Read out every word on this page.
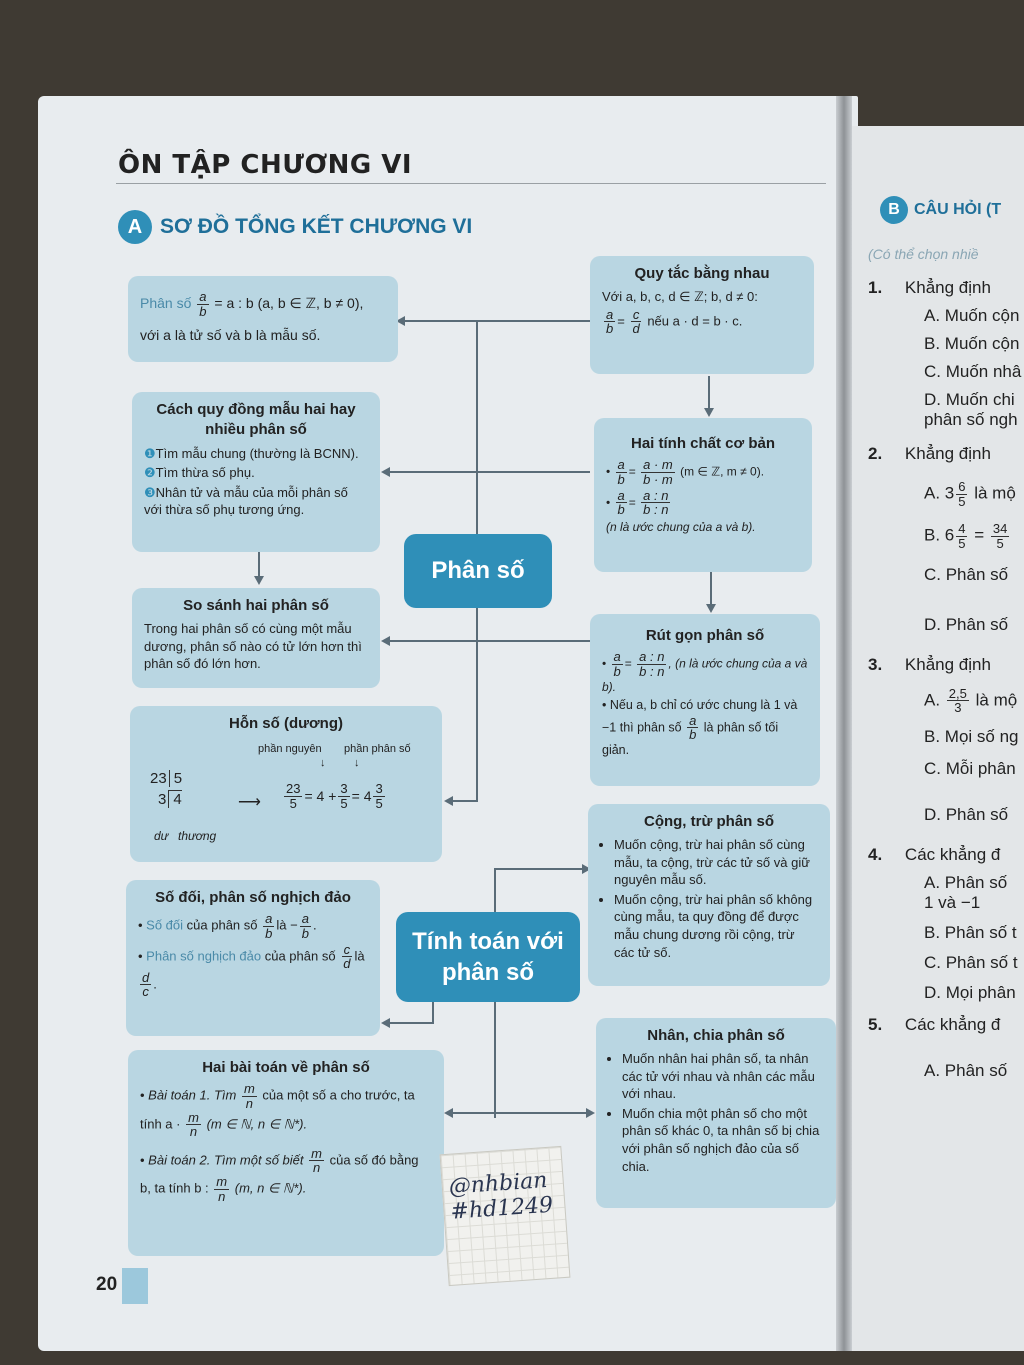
ÔN TẬP CHƯƠNG VI
A SƠ ĐỒ TỔNG KẾT CHƯƠNG VI
Phân số
Tính toán với
phân số

Phân số $\frac{a}{b} = a$ : b (a, b ∈ ℤ, b ≠ 0),

với a là tử số và b là mẫu số.

Quy tắc bằng nhau

Với a, b, c, d ∈ ℤ; b, d ≠ 0:

$\frac{a}{b} = \frac{c}{d}$ nếu a · d = b · c.

Cách quy đồng mẫu hai hay nhiều phân số

❶Tìm mẫu chung (thường là BCNN).

❷Tìm thừa số phụ.

❸Nhân tử và mẫu của mỗi phân số với thừa số phụ tương ứng.

Hai tính chất cơ bản

• $\frac{a}{b} = \frac{a \cdot m}{b \cdot m} (m$ ∈ ℤ, m ≠ 0).

• $\frac{a}{b} = \frac{a : n}{b : n}$

(n là ước chung của a và b).

So sánh hai phân số

Trong hai phân số có cùng một mẫu dương, phân số nào có tử lớn hơn thì phân số đó lớn hơn.

Rút gọn phân số

• $\frac{a}{b} = \frac{a : n}{b : n}$ , (n là ước chung của a và b).

• Nếu a, b chỉ có ước chung là 1 và −1 thì phân số $\frac{a}{b}$ là phân số tối giản.

Hỗn số (dương)
phần nguyên phần phân số
↓	↓
23 5
3 4
dư thương
⟶ $\frac{23}{5} = 4 + \frac{3}{5} = 4 \frac{3}{5}$
Cộng, trừ phân số
• Muốn cộng, trừ hai phân số cùng mẫu, ta cộng, trừ các tử số và giữ nguyên mẫu số.
• Muốn cộng, trừ hai phân số không cùng mẫu, ta quy đồng để được mẫu chung dương rồi cộng, trừ các tử số.
Số đối, phân số nghịch đảo

• Số đối của phân số $\frac{a}{b}$ là − $\frac{a}{b}$ .

• Phân số nghịch đảo của phân số $\frac{c}{d}$ là
$\frac{d}{c}$ .

Nhân, chia phân số
• Muốn nhân hai phân số, ta nhân các tử với nhau và nhân các mẫu với nhau.
• Muốn chia một phân số cho một phân số khác 0, ta nhân số bị chia với phân số nghịch đảo của số chia.
Hai bài toán về phân số

• Bài toán 1. Tìm $\frac{m}{n}$ của một số a cho trước, ta tính $a \cdot \frac{m}{n} (m$ ∈ ℕ, n ∈ ℕ*).

• Bài toán 2. Tìm một số biết $\frac{m}{n}$ của số đó bằng b, ta tính b : $\frac{m}{n} (m$, n ∈ ℕ*).	@nhbian #hd1249
20
B CÂU HỎI (T
(Có thể chọn nhiề
1. Khẳng định
A. Muốn cộn
B. Muốn cộn
C. Muốn nhâ
D. Muốn chi
phân số ngh
2. Khẳng định
A. $3 \frac{6}{5}$ là mộ
B. $6 \frac{4}{5} = \frac{34}{5}$
C. Phân số
D. Phân số
3. Khẳng định
A. $\frac{2,5}{3}$ là mộ
B. Mọi số ng
C. Mỗi phân
D. Phân số
4. Các khẳng đ
A. Phân số
1 và −1
B. Phân số t
C. Phân số t
D. Mọi phân
5. Các khẳng đ
A. Phân số
